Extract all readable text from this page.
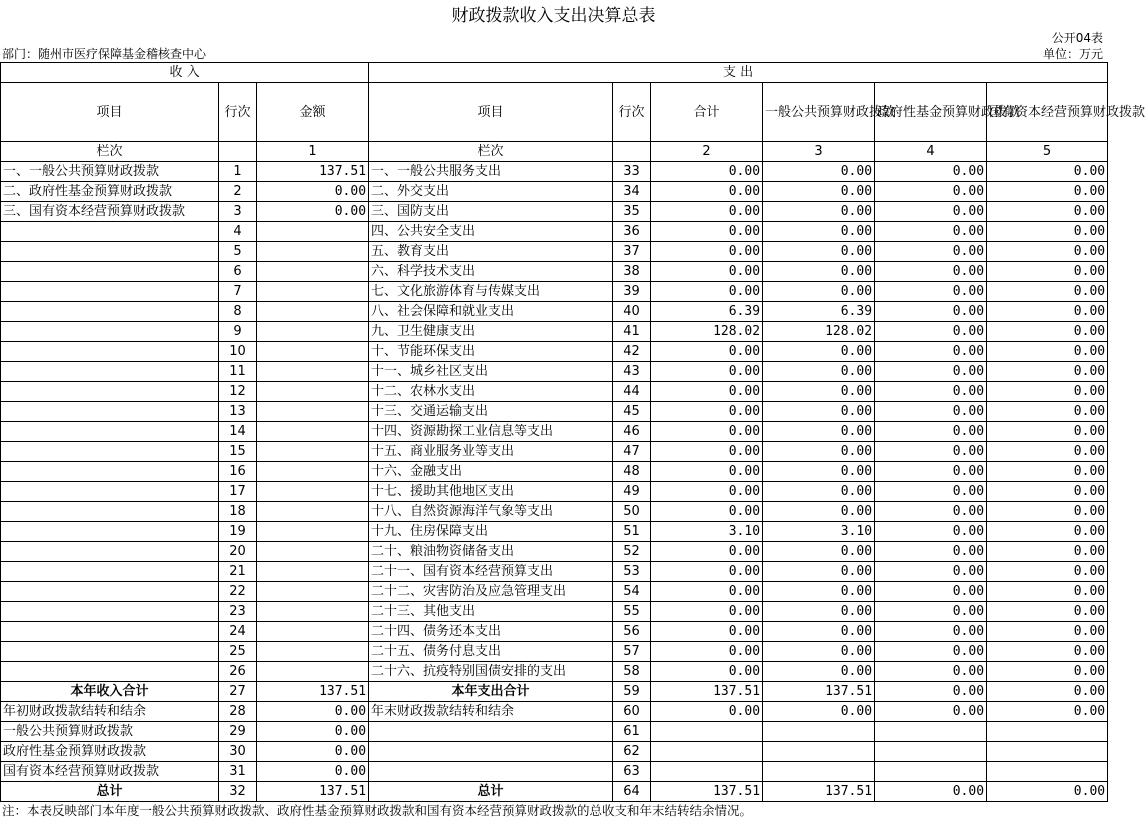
财政拨款收入支出决算总表
公开04表
部门：随州市医疗保障基金稽核查中心	单位：万元
收 入			支 出					
项目	行次	金额	项目	行次	合计	一般公共预算财政拨款	政府性基金预算财政拨款	国有资本经营预算财政拨款
栏次		1	栏次		2	3	4	5
一、一般公共预算财政拨款	1	137.51	一、一般公共服务支出	33	0.00	0.00	0.00	0.00
二、政府性基金预算财政拨款	2	0.00	二、外交支出	34	0.00	0.00	0.00	0.00
三、国有资本经营预算财政拨款	3	0.00	三、国防支出	35	0.00	0.00	0.00	0.00
	4		四、公共安全支出	36	0.00	0.00	0.00	0.00
	5		五、教育支出	37	0.00	0.00	0.00	0.00
	6		六、科学技术支出	38	0.00	0.00	0.00	0.00
	7		七、文化旅游体育与传媒支出	39	0.00	0.00	0.00	0.00
	8		八、社会保障和就业支出	40	6.39	6.39	0.00	0.00
	9		九、卫生健康支出	41	128.02	128.02	0.00	0.00
	10		十、节能环保支出	42	0.00	0.00	0.00	0.00
	11		十一、城乡社区支出	43	0.00	0.00	0.00	0.00
	12		十二、农林水支出	44	0.00	0.00	0.00	0.00
	13		十三、交通运输支出	45	0.00	0.00	0.00	0.00
	14		十四、资源勘探工业信息等支出	46	0.00	0.00	0.00	0.00
	15		十五、商业服务业等支出	47	0.00	0.00	0.00	0.00
	16		十六、金融支出	48	0.00	0.00	0.00	0.00
	17		十七、援助其他地区支出	49	0.00	0.00	0.00	0.00
	18		十八、自然资源海洋气象等支出	50	0.00	0.00	0.00	0.00
	19		十九、住房保障支出	51	3.10	3.10	0.00	0.00
	20		二十、粮油物资储备支出	52	0.00	0.00	0.00	0.00
	21		二十一、国有资本经营预算支出	53	0.00	0.00	0.00	0.00
	22		二十二、灾害防治及应急管理支出	54	0.00	0.00	0.00	0.00
	23		二十三、其他支出	55	0.00	0.00	0.00	0.00
	24		二十四、债务还本支出	56	0.00	0.00	0.00	0.00
	25		二十五、债务付息支出	57	0.00	0.00	0.00	0.00
	26		二十六、抗疫特别国债安排的支出	58	0.00	0.00	0.00	0.00
本年收入合计	27	137.51	本年支出合计	59	137.51	137.51	0.00	0.00
年初财政拨款结转和结余	28	0.00	年末财政拨款结转和结余	60	0.00	0.00	0.00	0.00
一般公共预算财政拨款	29	0.00		61				
政府性基金预算财政拨款	30	0.00		62				
国有资本经营预算财政拨款	31	0.00		63				
总计	32	137.51	总计	64	137.51	137.51	0.00	0.00
注：本表反映部门本年度一般公共预算财政拨款、政府性基金预算财政拨款和国有资本经营预算财政拨款的总收支和年末结转结余情况。
